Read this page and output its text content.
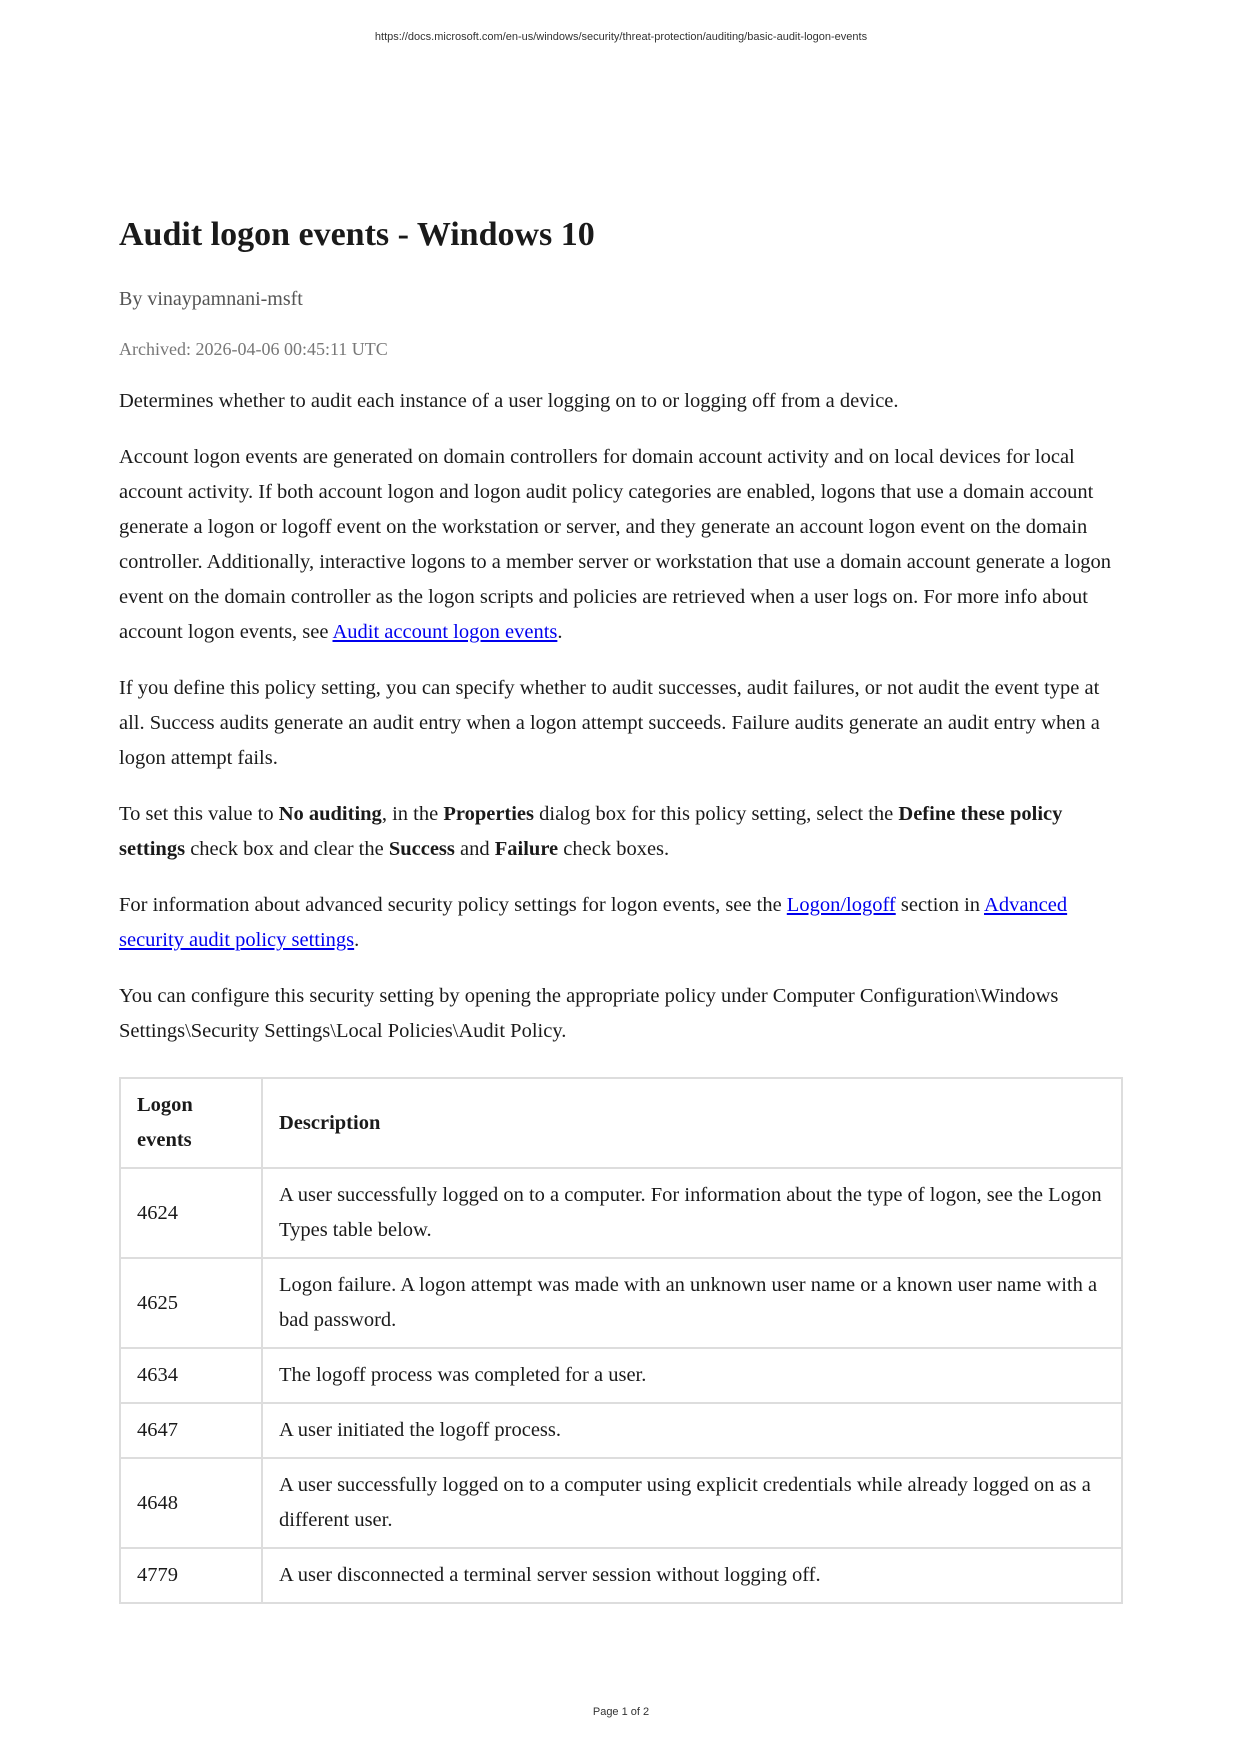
https://docs.microsoft.com/en-us/windows/security/threat-protection/auditing/basic-audit-logon-events
Audit logon events - Windows 10
By vinaypamnani-msft
Archived: 2026-04-06 00:45:11 UTC

Determines whether to audit each instance of a user logging on to or logging off from a device.

Account logon events are generated on domain controllers for domain account activity and on local devices for local account activity. If both account logon and logon audit policy categories are enabled, logons that use a domain account generate a logon or logoff event on the workstation or server, and they generate an account logon event on the domain controller. Additionally, interactive logons to a member server or workstation that use a domain account generate a logon event on the domain controller as the logon scripts and policies are retrieved when a user logs on. For more info about account logon events, see Audit account logon events.

If you define this policy setting, you can specify whether to audit successes, audit failures, or not audit the event type at all. Success audits generate an audit entry when a logon attempt succeeds. Failure audits generate an audit entry when a logon attempt fails.

To set this value to No auditing, in the Properties dialog box for this policy setting, select the Define these policy settings check box and clear the Success and Failure check boxes.

For information about advanced security policy settings for logon events, see the Logon/logoff section in Advanced security audit policy settings.

You can configure this security setting by opening the appropriate policy under Computer Configuration\Windows Settings\Security Settings\Local Policies\Audit Policy.

Logon events	Description
4624	A user successfully logged on to a computer. For information about the type of logon, see the Logon Types table below.
4625	Logon failure. A logon attempt was made with an unknown user name or a known user name with a bad password.
4634	The logoff process was completed for a user.
4647	A user initiated the logoff process.
4648	A user successfully logged on to a computer using explicit credentials while already logged on as a different user.
4779	A user disconnected a terminal server session without logging off.
Page 1 of 2
